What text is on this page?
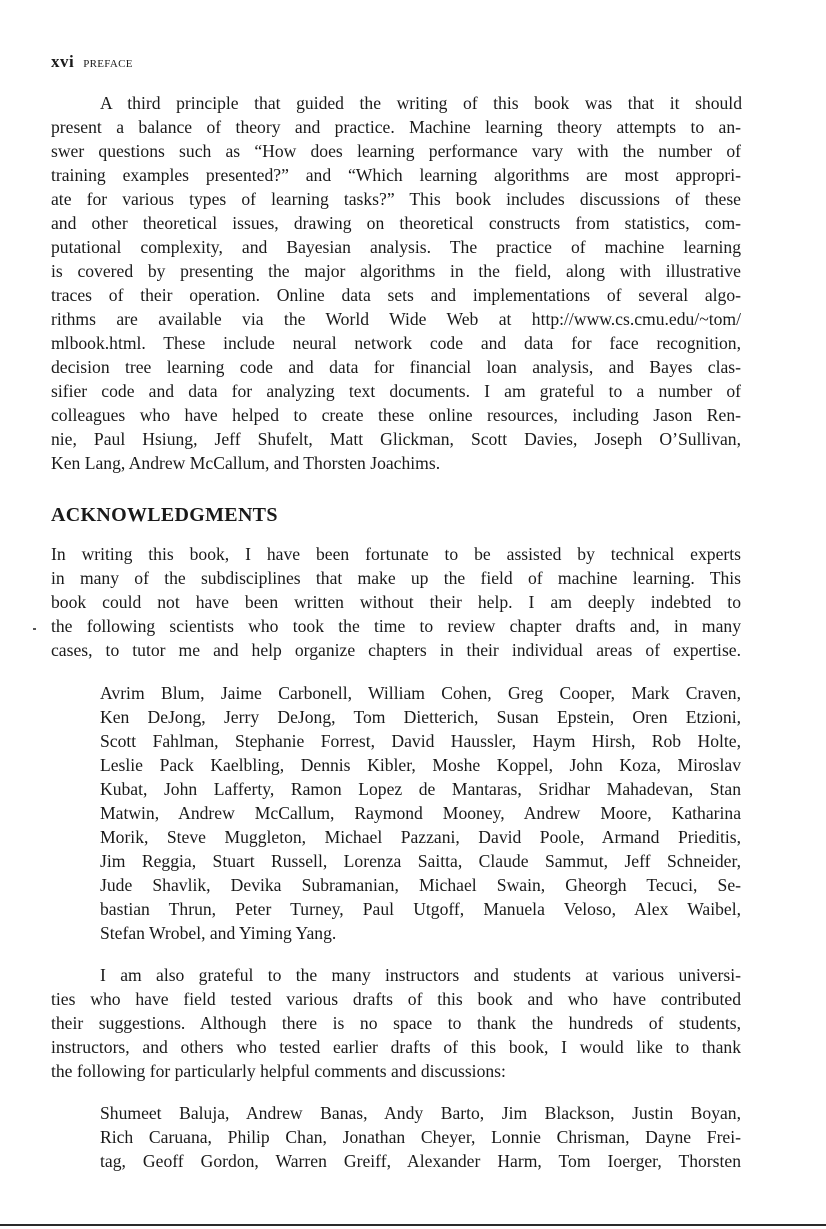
xvi PREFACE
A third principle that guided the writing of this book was that it should
present a balance of theory and practice. Machine learning theory attempts to an-
swer questions such as “How does learning performance vary with the number of
training examples presented?” and “Which learning algorithms are most appropri-
ate for various types of learning tasks?” This book includes discussions of these
and other theoretical issues, drawing on theoretical constructs from statistics, com-
putational complexity, and Bayesian analysis. The practice of machine learning
is covered by presenting the major algorithms in the field, along with illustrative
traces of their operation. Online data sets and implementations of several algo-
rithms are available via the World Wide Web at http://www.cs.cmu.edu/~tom/
mlbook.html. These include neural network code and data for face recognition,
decision tree learning code and data for financial loan analysis, and Bayes clas-
sifier code and data for analyzing text documents. I am grateful to a number of
colleagues who have helped to create these online resources, including Jason Ren-
nie, Paul Hsiung, Jeff Shufelt, Matt Glickman, Scott Davies, Joseph O’Sullivan,
Ken Lang, Andrew McCallum, and Thorsten Joachims.
ACKNOWLEDGMENTS
In writing this book, I have been fortunate to be assisted by technical experts
in many of the subdisciplines that make up the field of machine learning. This
book could not have been written without their help. I am deeply indebted to
the following scientists who took the time to review chapter drafts and, in many
cases, to tutor me and help organize chapters in their individual areas of expertise.
Avrim Blum, Jaime Carbonell, William Cohen, Greg Cooper, Mark Craven,
Ken DeJong, Jerry DeJong, Tom Dietterich, Susan Epstein, Oren Etzioni,
Scott Fahlman, Stephanie Forrest, David Haussler, Haym Hirsh, Rob Holte,
Leslie Pack Kaelbling, Dennis Kibler, Moshe Koppel, John Koza, Miroslav
Kubat, John Lafferty, Ramon Lopez de Mantaras, Sridhar Mahadevan, Stan
Matwin, Andrew McCallum, Raymond Mooney, Andrew Moore, Katharina
Morik, Steve Muggleton, Michael Pazzani, David Poole, Armand Prieditis,
Jim Reggia, Stuart Russell, Lorenza Saitta, Claude Sammut, Jeff Schneider,
Jude Shavlik, Devika Subramanian, Michael Swain, Gheorgh Tecuci, Se-
bastian Thrun, Peter Turney, Paul Utgoff, Manuela Veloso, Alex Waibel,
Stefan Wrobel, and Yiming Yang.
I am also grateful to the many instructors and students at various universi-
ties who have field tested various drafts of this book and who have contributed
their suggestions. Although there is no space to thank the hundreds of students,
instructors, and others who tested earlier drafts of this book, I would like to thank
the following for particularly helpful comments and discussions:
Shumeet Baluja, Andrew Banas, Andy Barto, Jim Blackson, Justin Boyan,
Rich Caruana, Philip Chan, Jonathan Cheyer, Lonnie Chrisman, Dayne Frei-
tag, Geoff Gordon, Warren Greiff, Alexander Harm, Tom Ioerger, Thorsten
